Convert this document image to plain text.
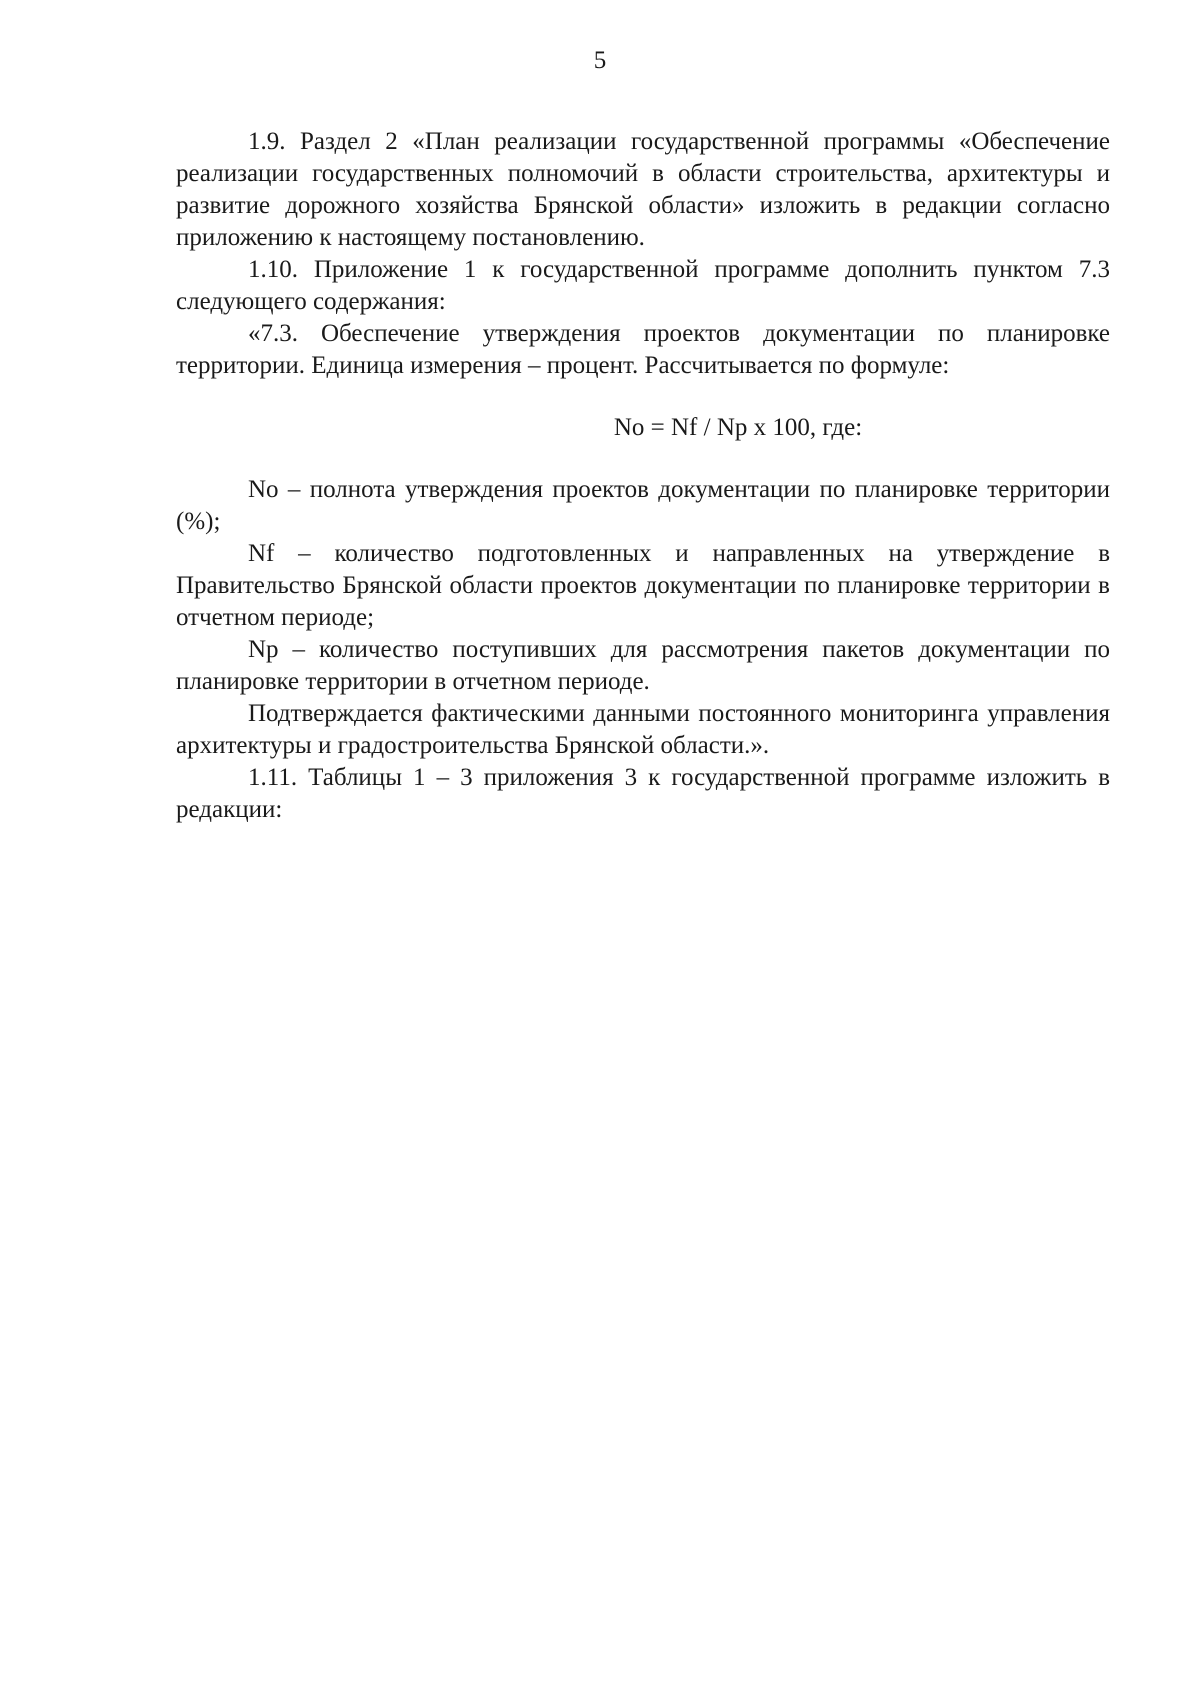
5

1.9. Раздел 2 «План реализации государственной программы «Обеспечение реализации государственных полномочий в области строительства, архитектуры и развитие дорожного хозяйства Брянской области» изложить в редакции согласно приложению к настоящему постановлению.

1.10. Приложение 1 к государственной программе дополнить пунктом 7.3 следующего содержания:

«7.3. Обеспечение утверждения проектов документации по планировке территории. Единица измерения – процент. Рассчитывается по формуле:

No = Nf / Np x 100, где:

No – полнота утверждения проектов документации по планировке территории (%);

Nf – количество подготовленных и направленных на утверждение в Правительство Брянской области проектов документации по планировке территории в отчетном периоде;

Np – количество поступивших для рассмотрения пакетов документации по планировке территории в отчетном периоде.

Подтверждается фактическими данными постоянного мониторинга управления архитектуры и градостроительства Брянской области.».

1.11. Таблицы 1 – 3 приложения 3 к государственной программе изложить в редакции:
